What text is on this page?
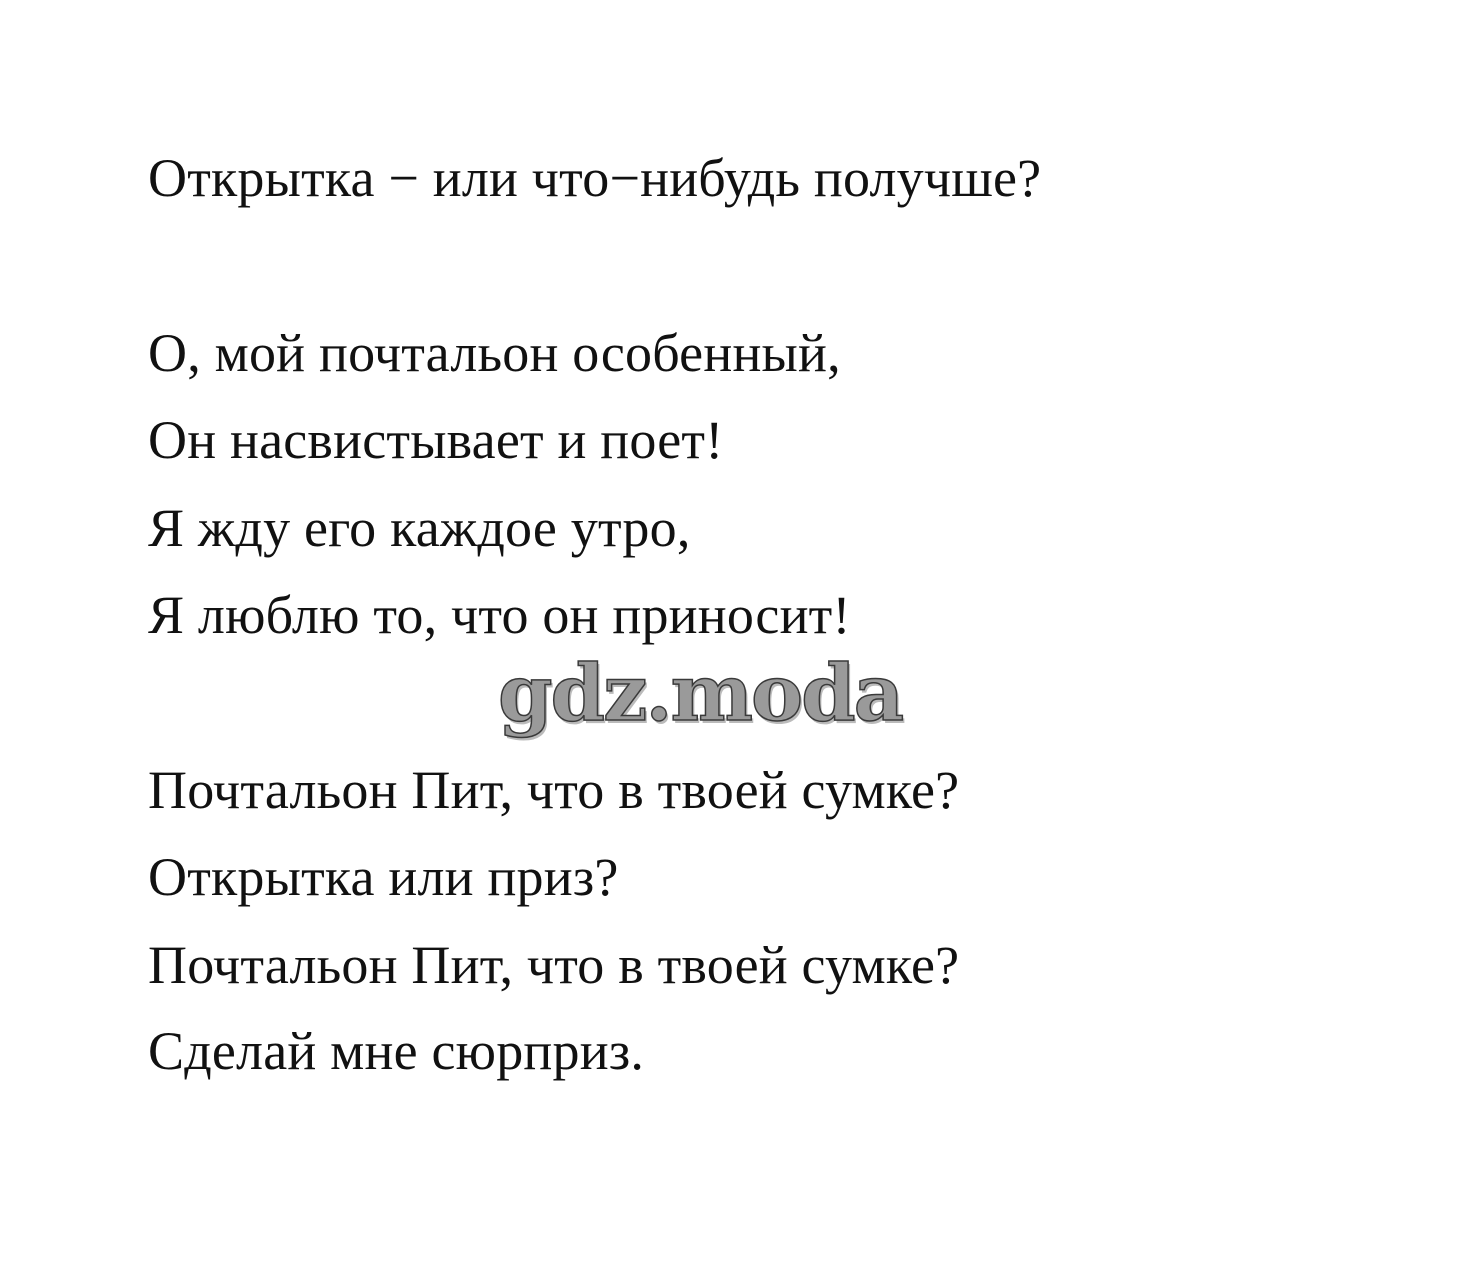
Открытка − или что−нибудь получше?
О, мой почтальон особенный,
Он насвистывает и поет!
Я жду его каждое утро,
Я люблю то, что он приносит!
gdz.moda
Почтальон Пит, что в твоей сумке?
Открытка или приз?
Почтальон Пит, что в твоей сумке?
Сделай мне сюрприз.
